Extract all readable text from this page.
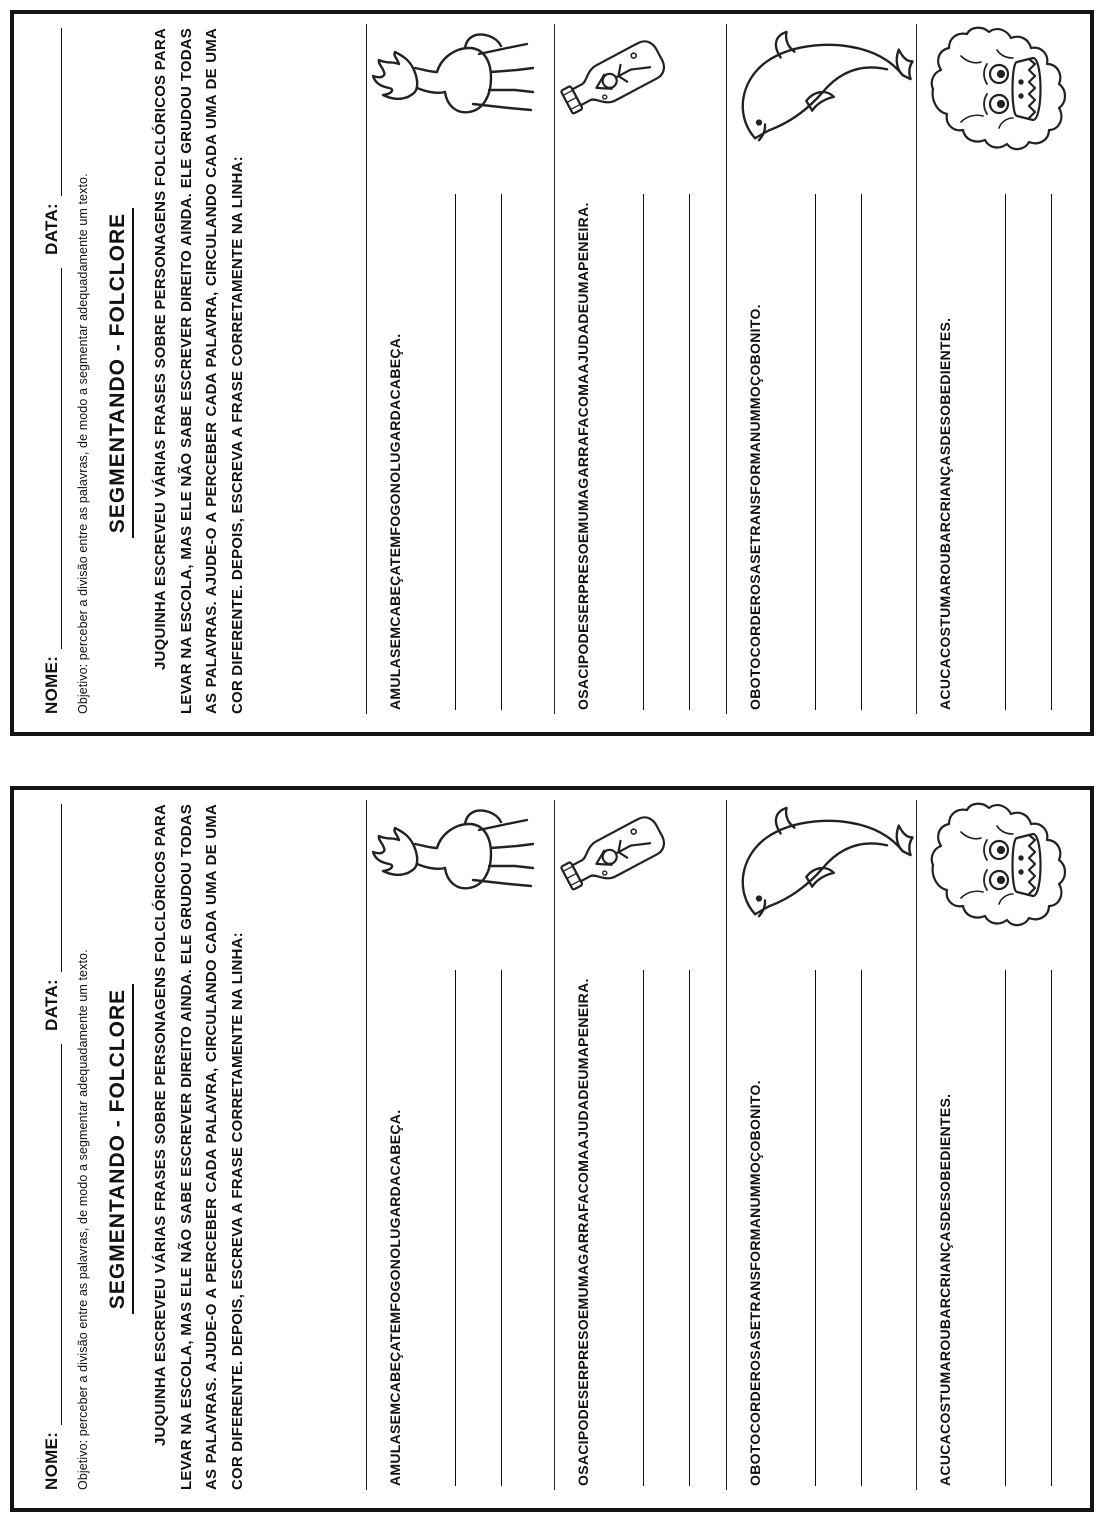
NOME:
DATA: Objetivo: perceber a divisão entre as palavras, de modo a segmentar adequadamente um texto. SEGMENTANDO - FOLCLORE	JUQUINHA ESCREVEU VÁRIAS FRASES SOBRE PERSONAGENS FOLCLÓRICOS PARA LEVAR NA ESCOLA, MAS ELE NÃO SABE ESCREVER DIREITO AINDA. ELE GRUDOU TODAS AS PALAVRAS. AJUDE-O A PERCEBER CADA PALAVRA, CIRCULANDO CADA UMA DE UMA COR DIFERENTE. DEPOIS, ESCREVA A FRASE CORRETAMENTE NA LINHA:	AMULASEMCABEÇATEMFOGONOLUGARDACABEÇA.	OSACIPODESERPRESOEMUMAGARRAFACOMAAJUDADEUMAPENEIRA.	OBOTOCORDEROSASETRANSFORMANUMMOÇOBONITO.	ACUCACOSTUMAROUBARCRIANÇASDESOBEDIENTES.
NOME:
DATA: Objetivo: perceber a divisão entre as palavras, de modo a segmentar adequadamente um texto. SEGMENTANDO - FOLCLORE	JUQUINHA ESCREVEU VÁRIAS FRASES SOBRE PERSONAGENS FOLCLÓRICOS PARA LEVAR NA ESCOLA, MAS ELE NÃO SABE ESCREVER DIREITO AINDA. ELE GRUDOU TODAS AS PALAVRAS. AJUDE-O A PERCEBER CADA PALAVRA, CIRCULANDO CADA UMA DE UMA COR DIFERENTE. DEPOIS, ESCREVA A FRASE CORRETAMENTE NA LINHA:	AMULASEMCABEÇATEMFOGONOLUGARDACABEÇA.	OSACIPODESERPRESOEMUMAGARRAFACOMAAJUDADEUMAPENEIRA.	OBOTOCORDEROSASETRANSFORMANUMMOÇOBONITO.	ACUCACOSTUMAROUBARCRIANÇASDESOBEDIENTES.
